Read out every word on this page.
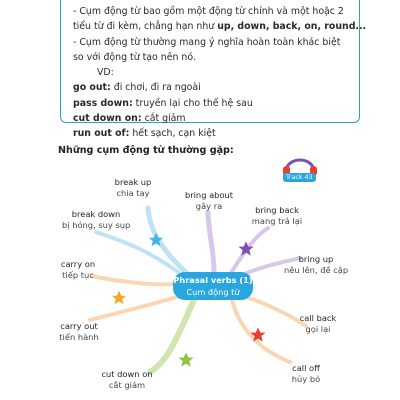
- Cụm động từ bao gồm một động từ chính và một hoặc 2
tiểu từ đi kèm, chẳng hạn như up, down, back, on, round...
- Cụm động từ thường mang ý nghĩa hoàn toàn khác biệt
so với động từ tạo nên nó.
VD:
go out: đi chơi, đi ra ngoài
pass down: truyền lại cho thế hệ sau
cut down on: cắt giảm
run out of: hết sạch, cạn kiệt
Những cụm động từ thường gặp:
Track 43
Phrasal verbs (1)
Cụm động từ
break up
chia tay	bring about
gây ra
break down
bị hỏng, suy sụp
bring back
mang trả lại
bring up
nêu lên, đề cập
carry on
tiếp tục
carry out
tiến hành
call back
gọi lại
cut down on
cắt giảm
call off
hủy bỏ
